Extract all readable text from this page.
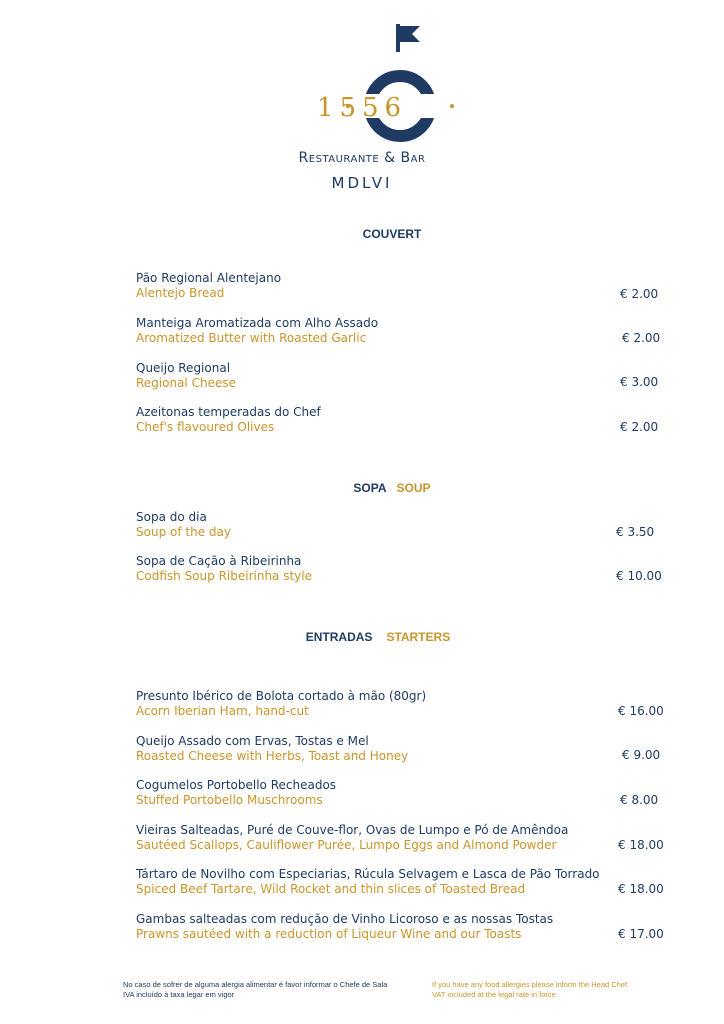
1556
Restaurante & Bar
MDLVI
COUVERT
Pão Regional Alentejano
Alentejo Bread	€ 2.00
Manteiga Aromatizada com Alho Assado
Aromatized Butter with Roasted Garlic	€ 2.00
Queijo Regional
Regional Cheese	€ 3.00
Azeitonas temperadas do Chef
Chef's flavoured Olives	€ 2.00
SOPA SOUP
Sopa do dia
Soup of the day	€ 3.50
Sopa de Cação à Ribeirinha
Codfish Soup Ribeirinha style	€ 10.00
ENTRADAS STARTERS
Presunto Ibérico de Bolota cortado à mão (80gr)
Acorn Iberian Ham, hand-cut	€ 16.00
Queijo Assado com Ervas, Tostas e Mel
Roasted Cheese with Herbs, Toast and Honey	€ 9.00
Cogumelos Portobello Recheados
Stuffed Portobello Muschrooms	€ 8.00
Vieiras Salteadas, Puré de Couve-flor, Ovas de Lumpo e Pó de Amêndoa
Sautéed Scallops, Cauliflower Purée, Lumpo Eggs and Almond Powder	€ 18.00
Tártaro de Novilho com Especiarias, Rúcula Selvagem e Lasca de Pão Torrado
Spiced Beef Tartare, Wild Rocket and thin slices of Toasted Bread	€ 18.00
Gambas salteadas com redução de Vinho Licoroso e as nossas Tostas
Prawns sautéed with a reduction of Liqueur Wine and our Toasts	€ 17.00
No caso de sofrer de alguma alergia alimentar é favor informar o Chefe de Sala
IVA incluído à taxa legar em vigor
If you have any food allergies please inform the Head Chef
VAT included at the legal rate in force
